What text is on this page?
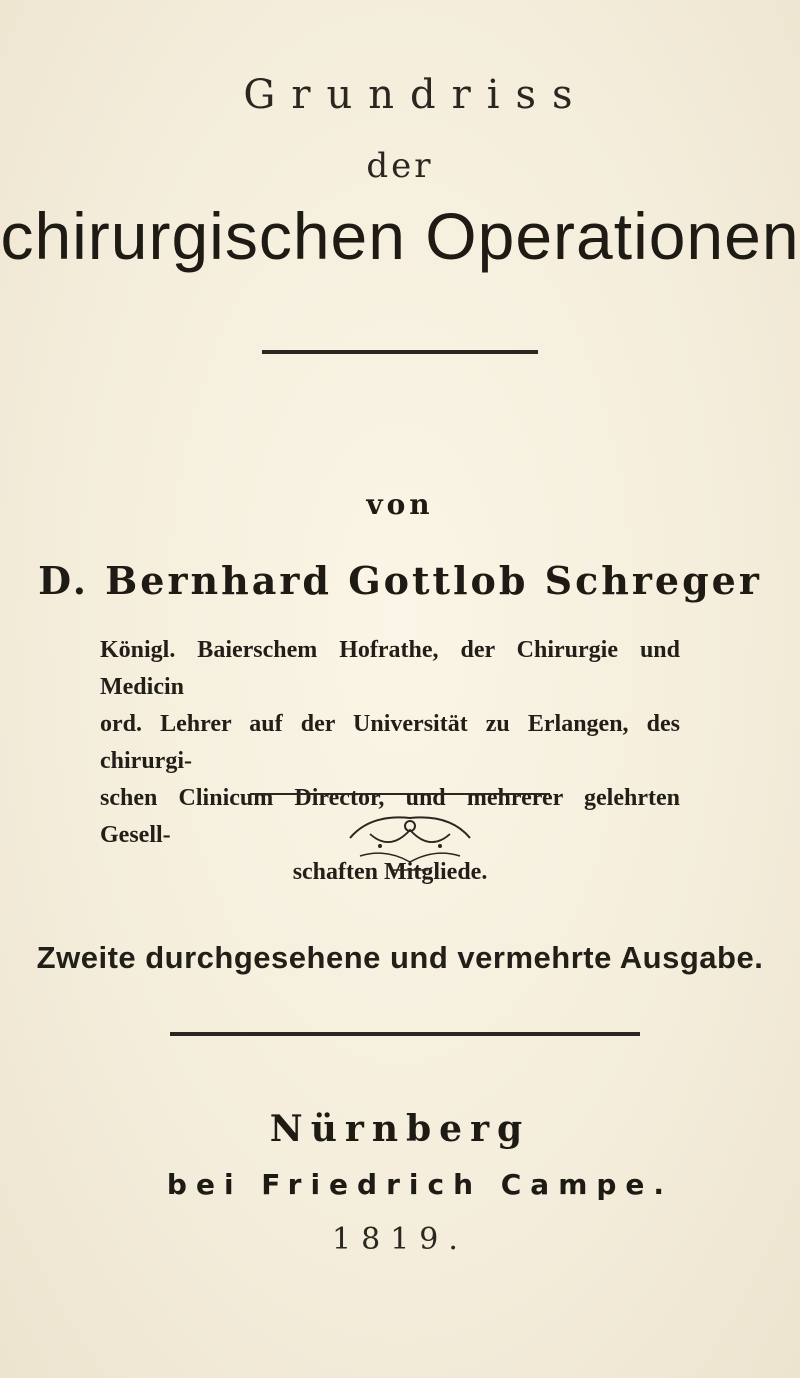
Grundriss
der
chirurgischen Operationen
von
D. Bernhard Gottlob Schreger
Königl. Baierschem Hofrathe, der Chirurgie und Medicin
ord. Lehrer auf der Universität zu Erlangen, des chirurgi-
schen Clinicum Director, und mehrerer gelehrten Gesell-
schaften Mitgliede.
Zweite durchgesehene und vermehrte Ausgabe.
Nürnberg
bei Friedrich Campe.
1819.
